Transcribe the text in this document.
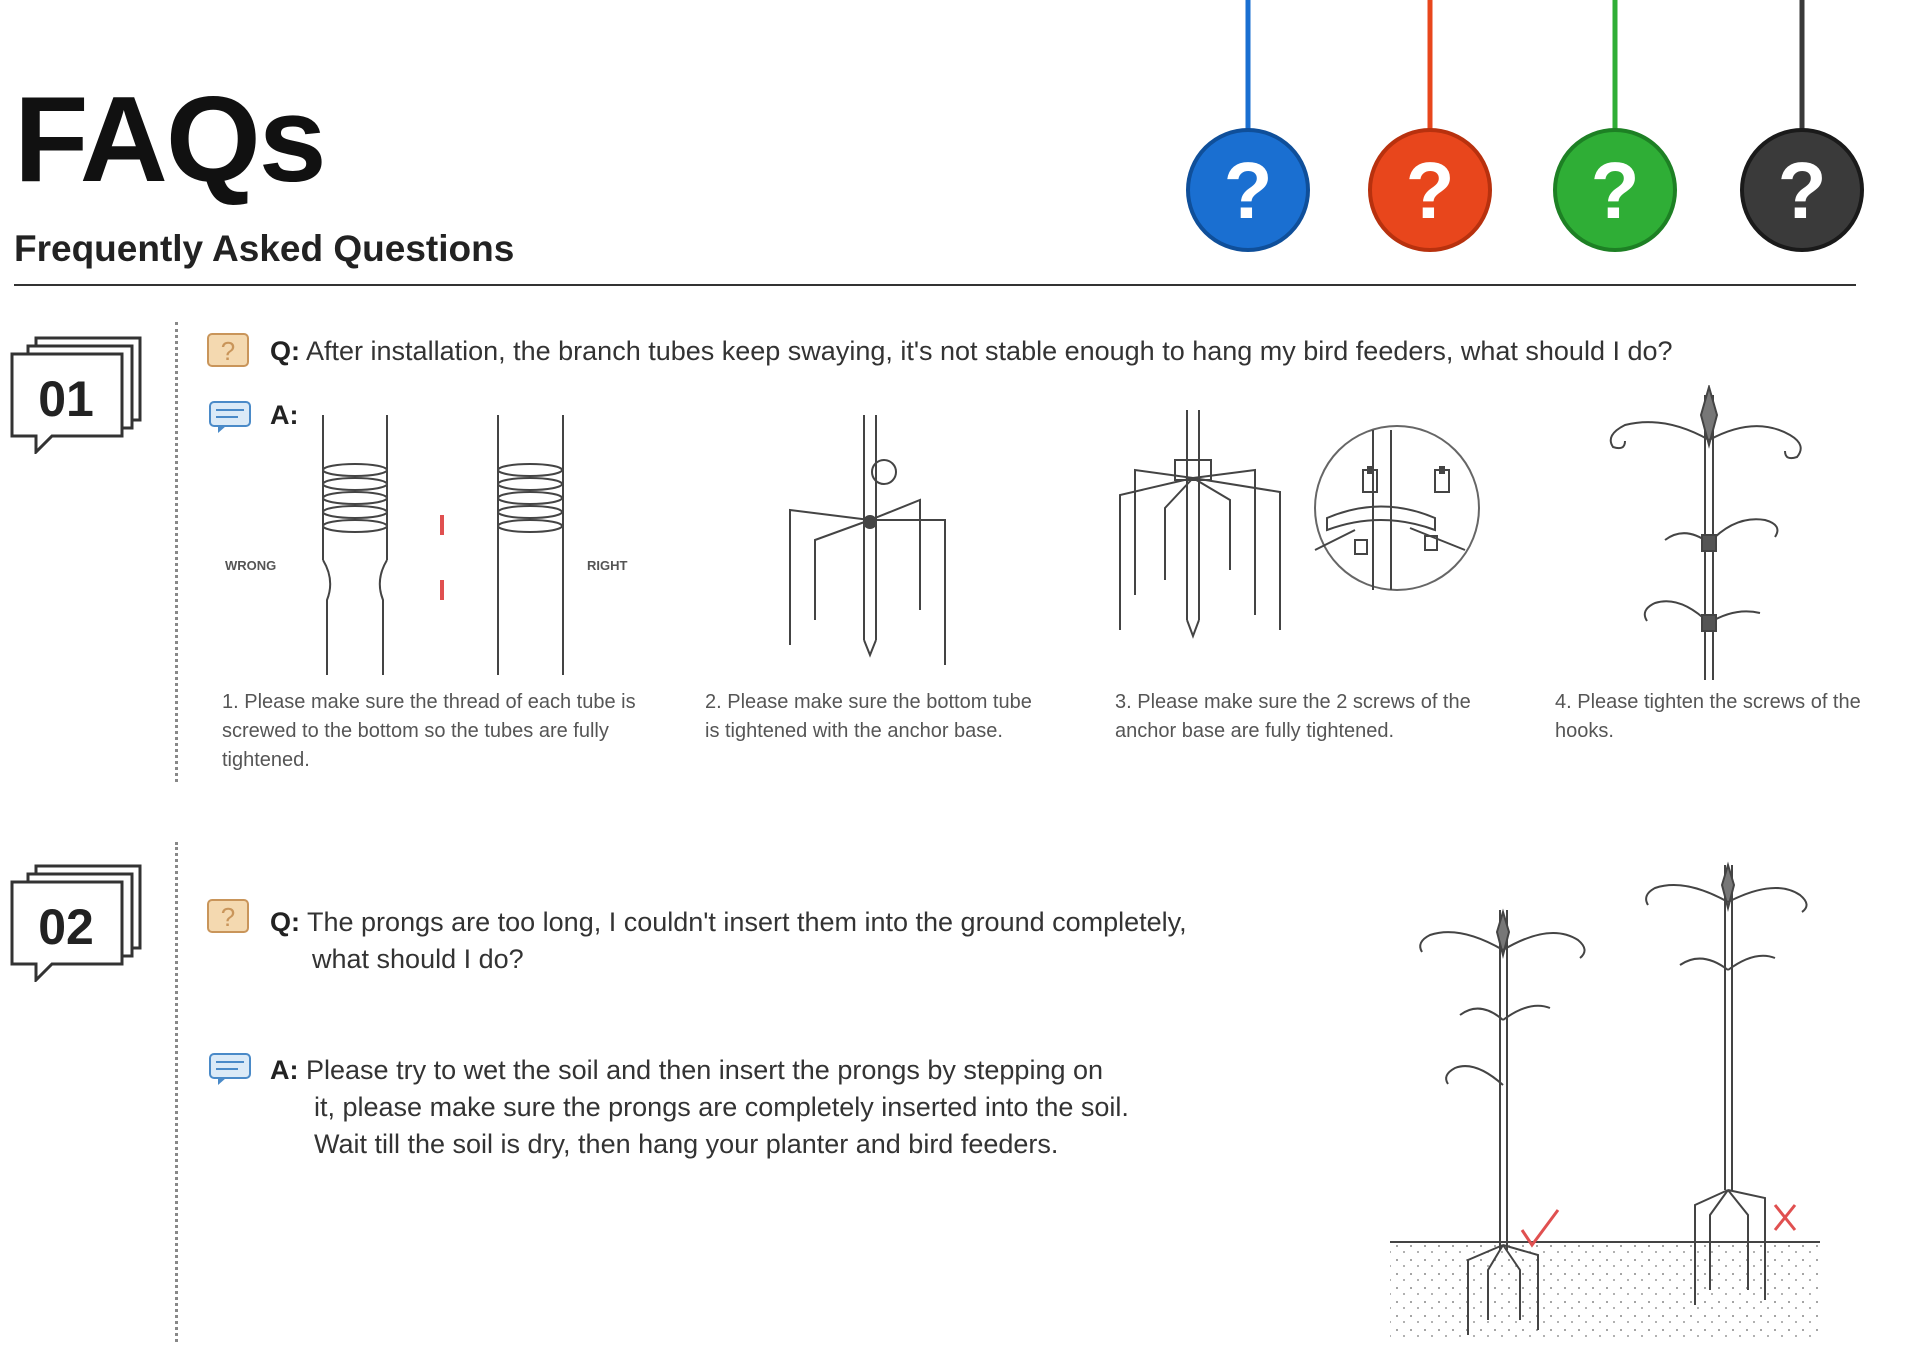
FAQs
Frequently Asked Questions
? ? ? ?
01
? Q: After installation, the branch tubes keep swaying, it's not stable enough to hang my bird feeders, what should I do?
A:
WRONG	RIGHT
1. Please make sure the thread of each tube is screwed to the bottom so the tubes are fully tightened.
2. Please make sure the bottom tube is tightened with the anchor base.
3. Please make sure the 2 screws of the anchor base are fully tightened.
4. Please tighten the screws of the hooks.
02	? Q: The prongs are too long, I couldn't insert them into the ground completely,
what should I do?
A: Please try to wet the soil and then insert the prongs by stepping on
it, please make sure the prongs are completely inserted into the soil.
Wait till the soil is dry, then hang your planter and bird feeders.
